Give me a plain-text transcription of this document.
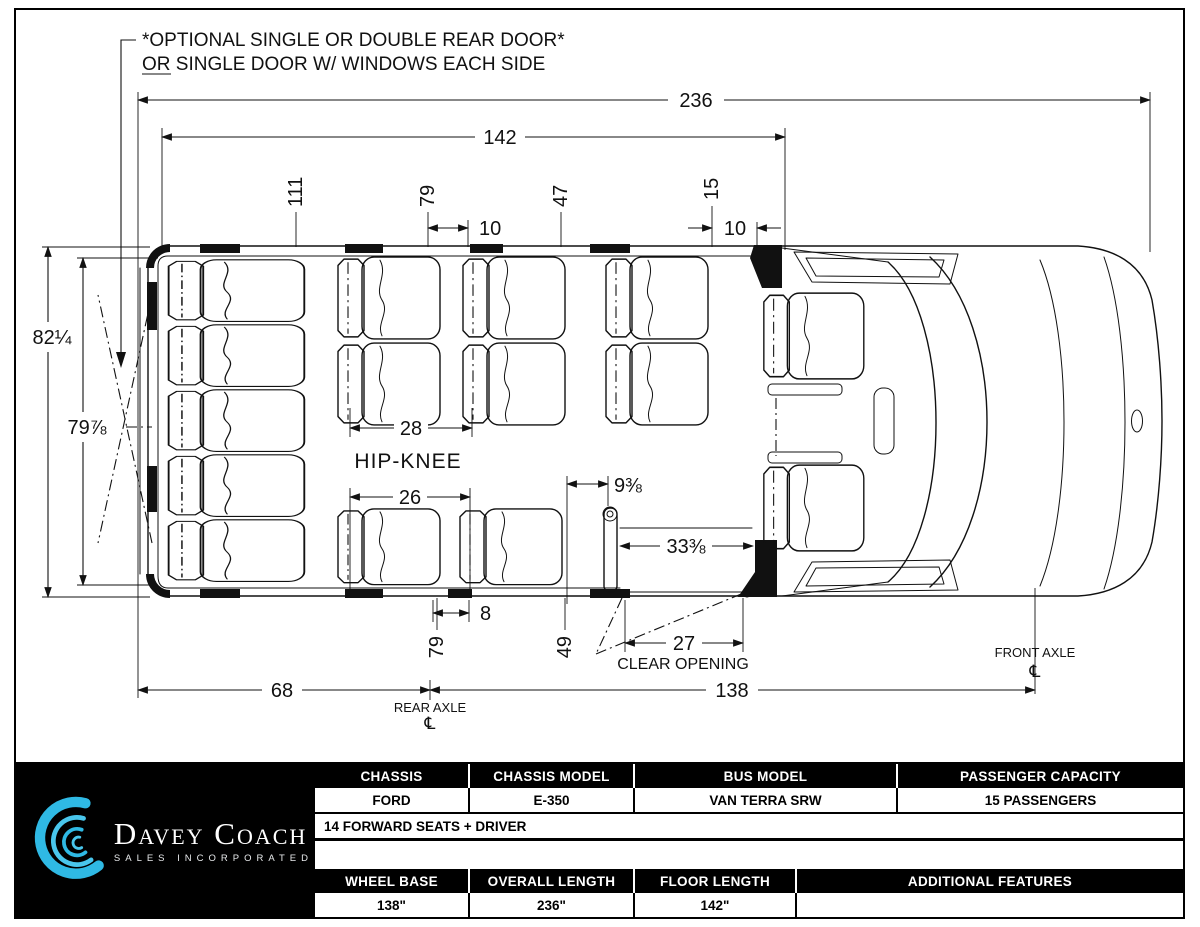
*OPTIONAL SINGLE OR DOUBLE REAR DOOR*
OR SINGLE DOOR W/ WINDOWS EACH SIDE
236
142
111	79	47	15
10	10
82¼
79⅞	28
HIP-KNEE
26
9⅜
33⅜
27
CLEAR OPENING
8
79	49
68	138
REAR AXLE
℄
FRONT AXLE
℄
Davey Coach
SALES INCORPORATED
CHASSIS	CHASSIS MODEL	BUS MODEL	PASSENGER CAPACITY
FORD	E-350	VAN TERRA SRW	15 PASSENGERS
14 FORWARD SEATS + DRIVER
WHEEL BASE	OVERALL LENGTH	FLOOR LENGTH	ADDITIONAL FEATURES
138"	236"	142"
